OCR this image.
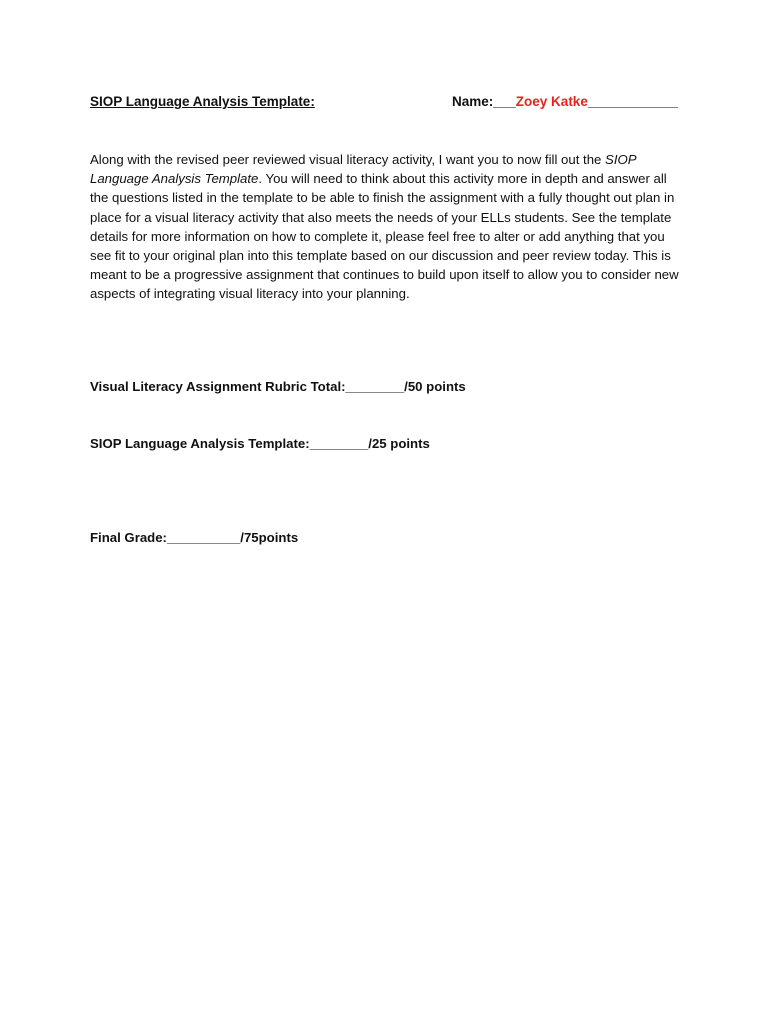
SIOP Language Analysis Template:	Name:___Zoey Katke____________
Along with the revised peer reviewed visual literacy activity, I want you to now fill out the SIOP Language Analysis Template. You will need to think about this activity more in depth and answer all the questions listed in the template to be able to finish the assignment with a fully thought out plan in place for a visual literacy activity that also meets the needs of your ELLs students. See the template details for more information on how to complete it, please feel free to alter or add anything that you see fit to your original plan into this template based on our discussion and peer review today. This is meant to be a progressive assignment that continues to build upon itself to allow you to consider new aspects of integrating visual literacy into your planning.
Visual Literacy Assignment Rubric Total:________/50 points
SIOP Language Analysis Template:________/25 points
Final Grade:__________/75points
